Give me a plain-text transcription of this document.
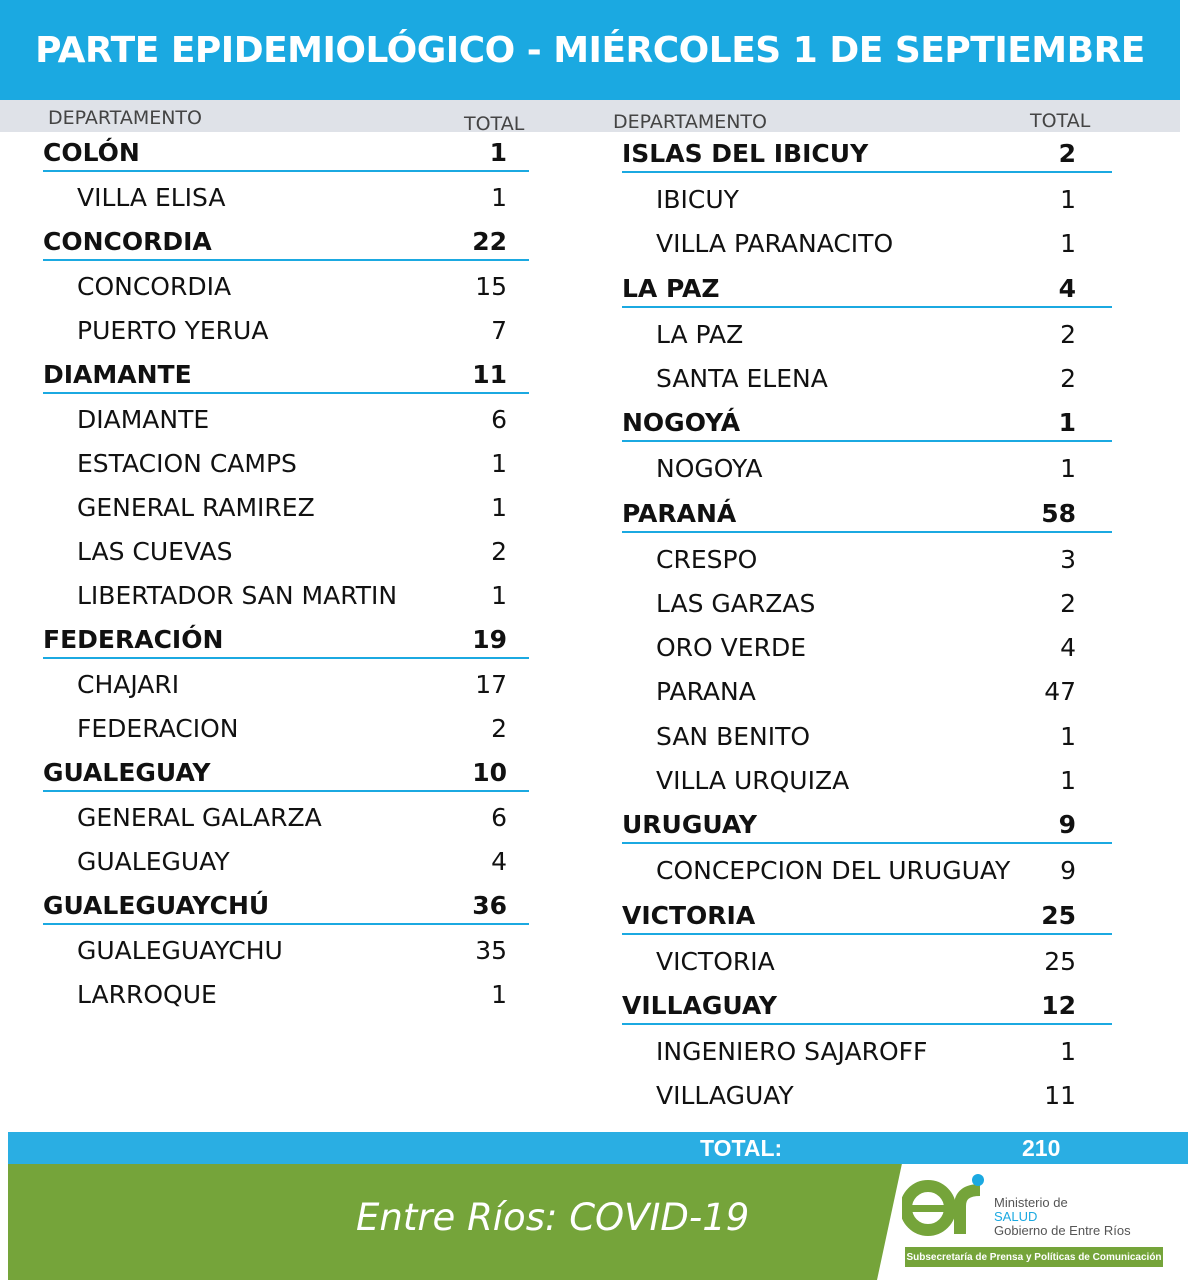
PARTE EPIDEMIOLÓGICO - MIÉRCOLES 1 DE SEPTIEMBRE
DEPARTAMENTO	TOTAL	DEPARTAMENTO	TOTAL
COLÓN	1
VILLA ELISA	1
CONCORDIA	22
CONCORDIA	15
PUERTO YERUA	7
DIAMANTE	11
DIAMANTE	6
ESTACION CAMPS	1
GENERAL RAMIREZ	1
LAS CUEVAS	2
LIBERTADOR SAN MARTIN	1
FEDERACIÓN	19
CHAJARI	17
FEDERACION	2
GUALEGUAY	10
GENERAL GALARZA	6
GUALEGUAY	4
GUALEGUAYCHÚ	36
GUALEGUAYCHU	35
LARROQUE	1
ISLAS DEL IBICUY	2
IBICUY	1
VILLA PARANACITO	1
LA PAZ	4
LA PAZ	2
SANTA ELENA	2
NOGOYÁ	1
NOGOYA	1
PARANÁ	58
CRESPO	3
LAS GARZAS	2
ORO VERDE	4
PARANA	47
SAN BENITO	1
VILLA URQUIZA	1
URUGUAY	9
CONCEPCION DEL URUGUAY 9
VICTORIA	25
VICTORIA	25
VILLAGUAY	12
INGENIERO SAJAROFF	1
VILLAGUAY	11
TOTAL:	210
Entre Ríos: COVID-19	Ministerio de
SALUD
Gobierno de Entre Ríos
Subsecretaría de Prensa y Políticas de Comunicación
